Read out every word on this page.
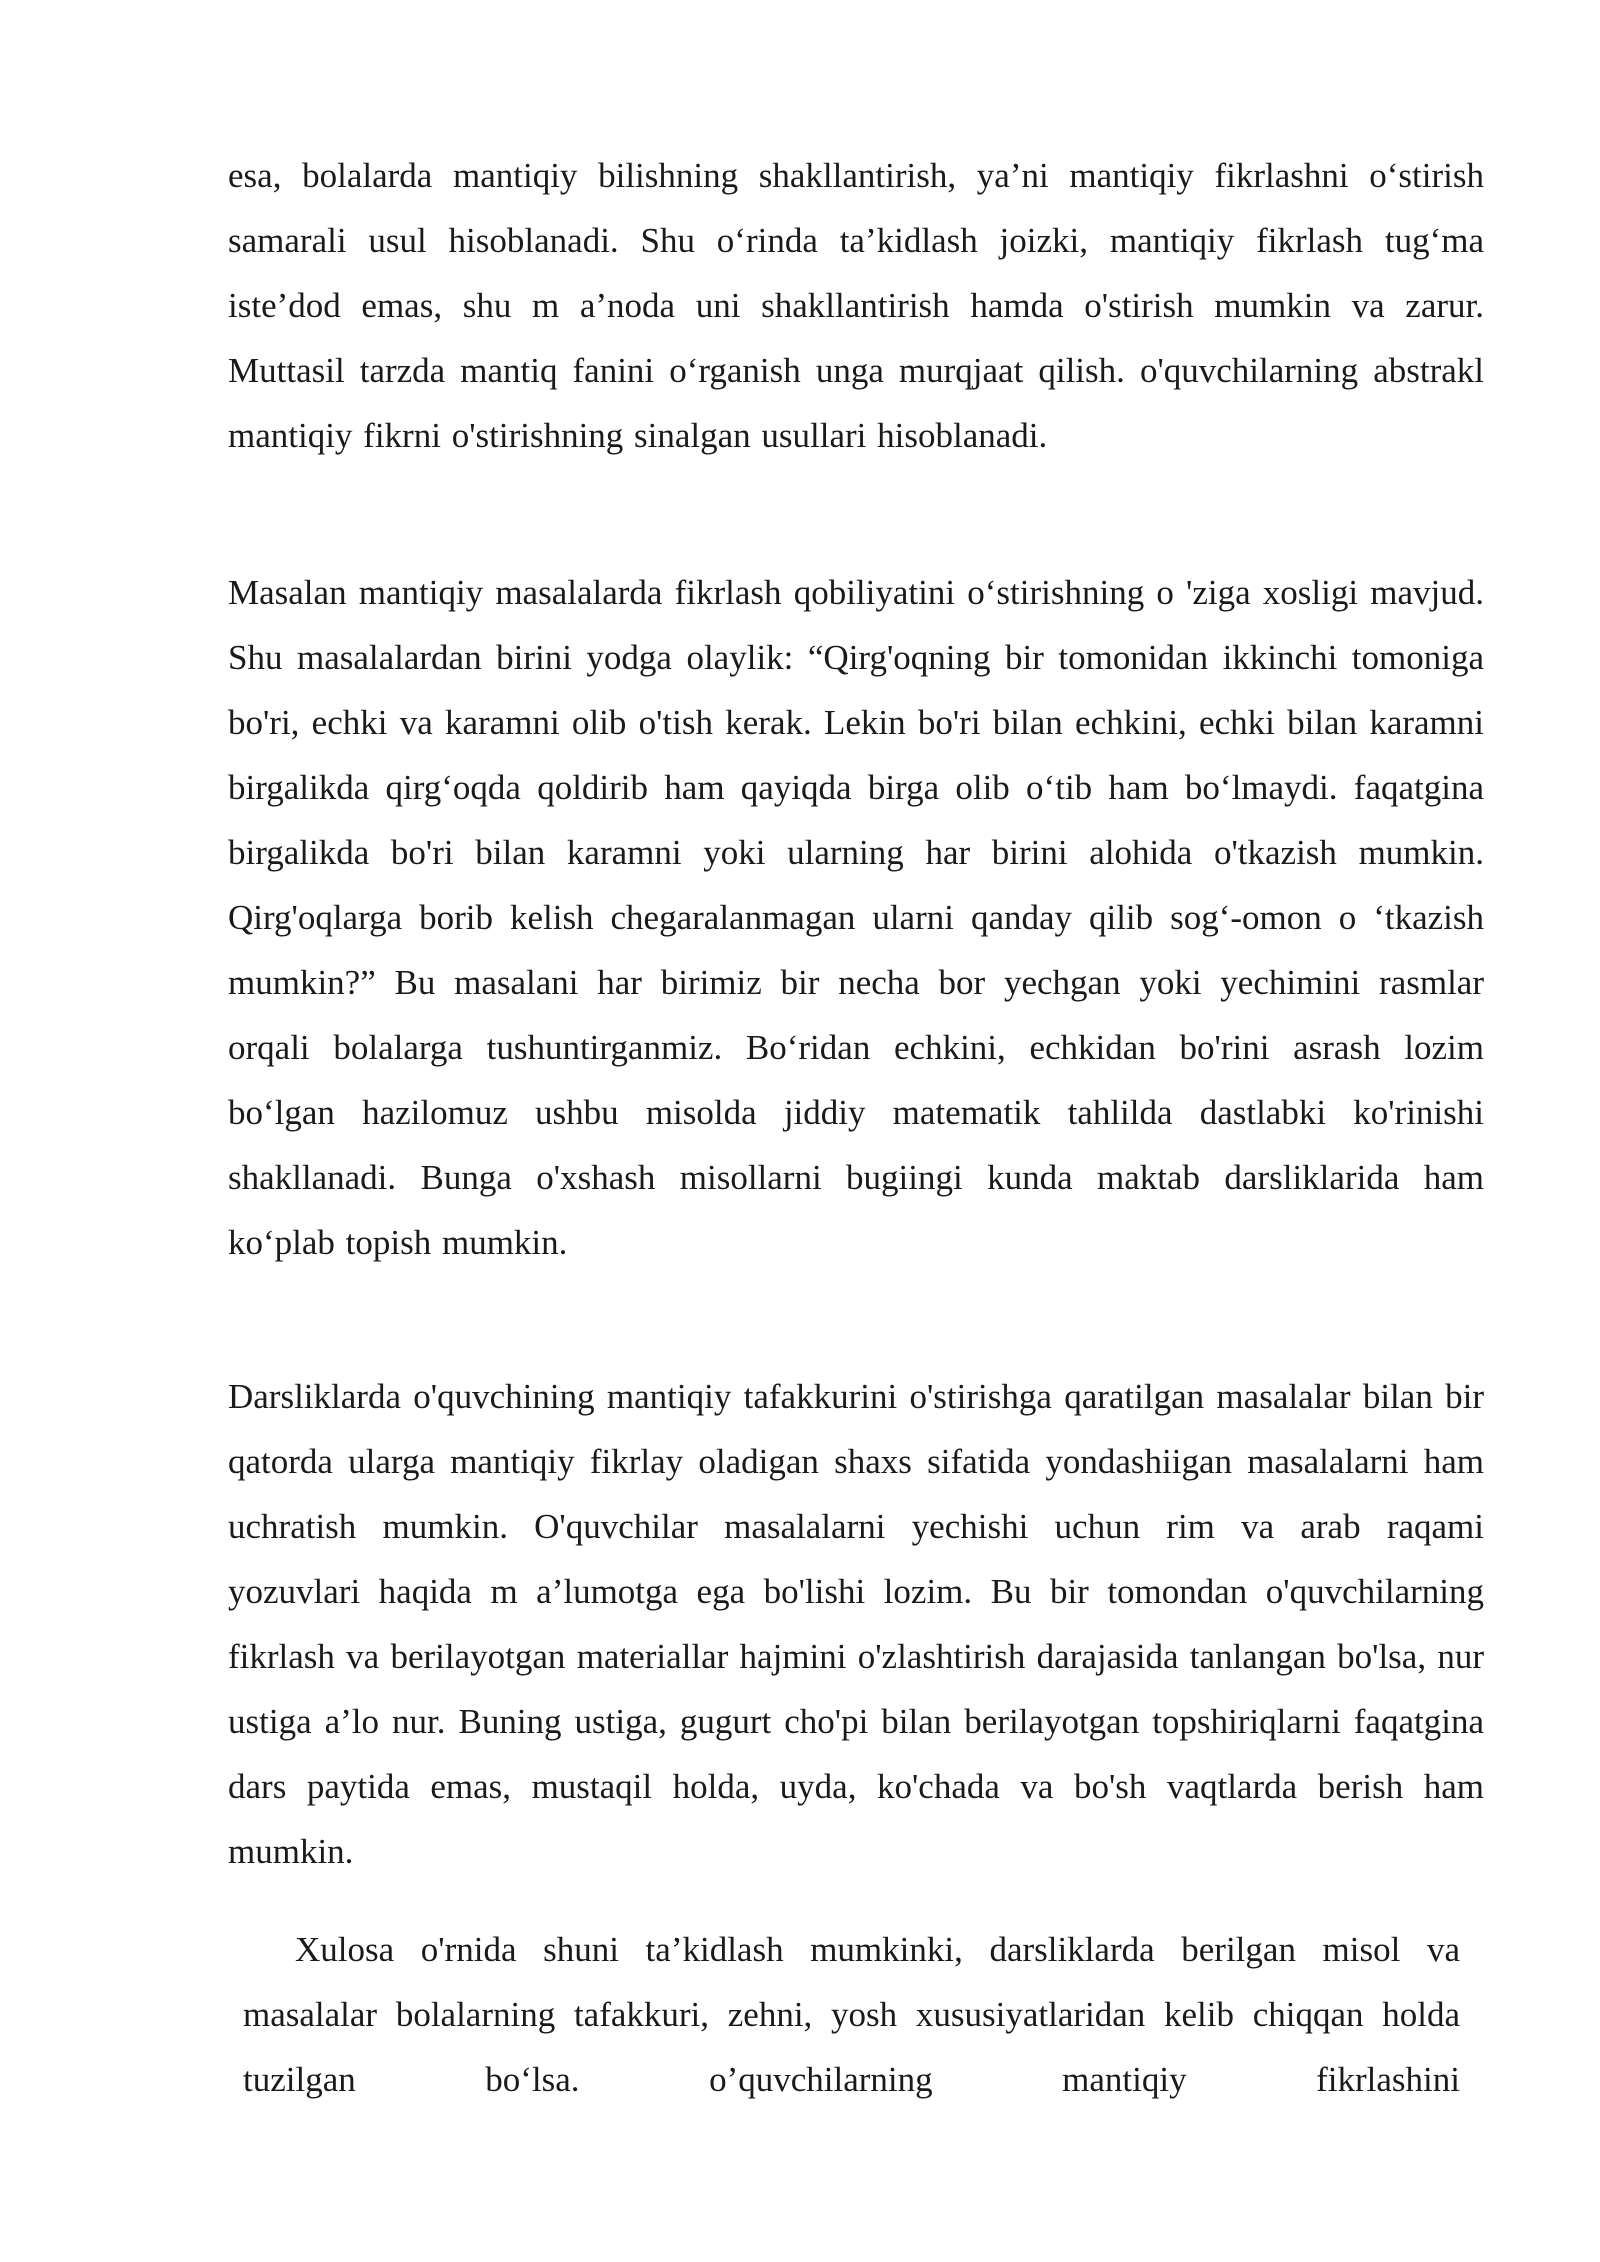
esa, bolalarda mantiqiy bilishning shakllantirish, ya’ni mantiqiy fikrlashni o‘stirish samarali usul hisoblanadi. Shu o‘rinda ta’kidlash joizki, mantiqiy fikrlash tug‘ma iste’dod emas, shu m a’noda uni shakllantirish hamda o'stirish mumkin va zarur. Muttasil tarzda mantiq fanini o‘rganish unga murqjaat qilish. o'quvchilarning abstrakl mantiqiy fikrni o'stirishning sinalgan usullari hisoblanadi.

Masalan mantiqiy masalalarda fikrlash qobiliyatini o‘stirishning o 'ziga xosligi mavjud. Shu masalalardan birini yodga olaylik: “Qirg'oqning bir tomonidan ikkinchi tomoniga bo'ri, echki va karamni olib o'tish kerak. Lekin bo'ri bilan echkini, echki bilan karamni birgalikda qirg‘oqda qoldirib ham qayiqda birga olib o‘tib ham bo‘lmaydi. faqatgina birgalikda bo'ri bilan karamni yoki ularning har birini alohida o'tkazish mumkin. Qirg'oqlarga borib kelish chegaralanmagan ularni qanday qilib sog‘-omon o ‘tkazish mumkin?” Bu masalani har birimiz bir necha bor yechgan yoki yechimini rasmlar orqali bolalarga tushuntirganmiz. Bo‘ridan echkini, echkidan bo'rini asrash lozim bo‘lgan hazilomuz ushbu misolda jiddiy matematik tahlilda dastlabki ko'rinishi shakllanadi. Bunga o'xshash misollarni bugiingi kunda maktab darsliklarida ham ko‘plab topish mumkin.

Darsliklarda o'quvchining mantiqiy tafakkurini o'stirishga qaratilgan masalalar bilan bir qatorda ularga mantiqiy fikrlay oladigan shaxs sifatida yondashiigan masalalarni ham uchratish mumkin. O'quvchilar masalalarni yechishi uchun rim va arab raqami yozuvlari haqida m a’lumotga ega bo'lishi lozim. Bu bir tomondan o'quvchilarning fikrlash va berilayotgan materiallar hajmini o'zlashtirish darajasida tanlangan bo'lsa, nur ustiga a’lo nur. Buning ustiga, gugurt cho'pi bilan berilayotgan topshiriqlarni faqatgina dars paytida emas, mustaqil holda, uyda, ko'chada va bo'sh vaqtlarda berish ham mumkin.

Xulosa o'rnida shuni ta’kidlash mumkinki, darsliklarda berilgan misol va masalalar bolalarning tafakkuri, zehni, yosh xususiyatlaridan kelib chiqqan holda tuzilgan bo‘lsa. o’quvchilarning mantiqiy fikrlashini
